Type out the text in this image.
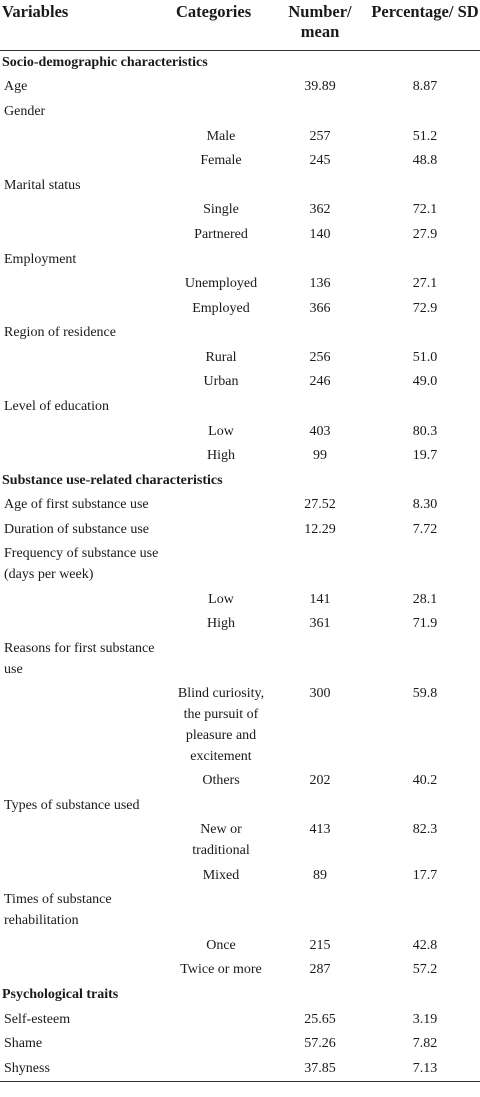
Variables	Categories	Number/ mean	Percentage/ SD
Socio-demographic characteristics			
Age		39.89	8.87
Gender			
	Male	257	51.2
	Female	245	48.8
Marital status			
	Single	362	72.1
	Partnered	140	27.9
Employment			
	Unemployed	136	27.1
	Employed	366	72.9
Region of residence			
	Rural	256	51.0
	Urban	246	49.0
Level of education			
	Low	403	80.3
	High	99	19.7
Substance use-related characteristics			
Age of first substance use		27.52	8.30
Duration of substance use		12.29	7.72
Frequency of substance use (days per week)			
	Low	141	28.1
	High	361	71.9
Reasons for first substance use			
	Blind curiosity, the pursuit of pleasure and excitement	300	59.8
	Others	202	40.2
Types of substance used			
	New or traditional	413	82.3
	Mixed	89	17.7
Times of substance rehabilitation			
	Once	215	42.8
	Twice or more	287	57.2
Psychological traits			
Self-esteem		25.65	3.19
Shame		57.26	7.82
Shyness		37.85	7.13
